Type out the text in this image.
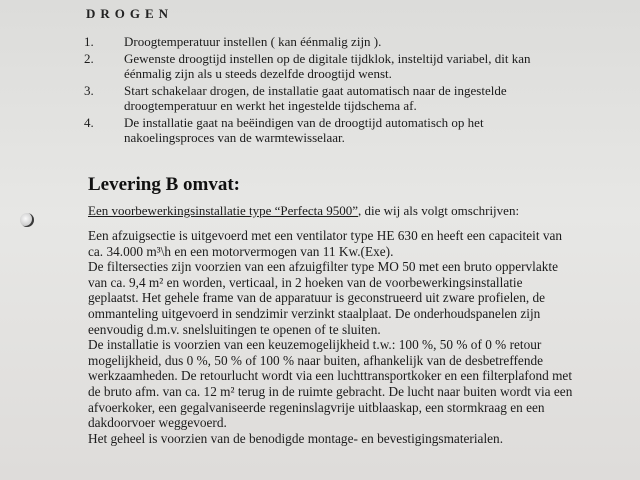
DROGEN
1. Droogtemperatuur instellen ( kan éénmalig zijn ).
2. Gewenste droogtijd instellen op de digitale tijdklok, insteltijd variabel, dit kan
éénmalig zijn als u steeds dezelfde droogtijd wenst.
3. Start schakelaar drogen, de installatie gaat automatisch naar de ingestelde
droogtemperatuur en werkt het ingestelde tijdschema af.
4. De installatie gaat na beëindigen van de droogtijd automatisch op het
nakoelingsproces van de warmtewisselaar.
Levering B omvat:
Een voorbewerkingsinstallatie type “Perfecta 9500”, die wij als volgt omschrijven:
Een afzuigsectie is uitgevoerd met een ventilator type HE 630 en heeft een capaciteit van
ca. 34.000 m³\h en een motorvermogen van 11 Kw.(Exe).
De filtersecties zijn voorzien van een afzuigfilter type MO 50 met een bruto oppervlakte
van ca. 9,4 m² en worden, verticaal, in 2 hoeken van de voorbewerkingsinstallatie
geplaatst. Het gehele frame van de apparatuur is geconstrueerd uit zware profielen, de
ommanteling uitgevoerd in sendzimir verzinkt staalplaat. De onderhoudspanelen zijn
eenvoudig d.m.v. snelsluitingen te openen of te sluiten.
De installatie is voorzien van een keuzemogelijkheid t.w.: 100 %, 50 % of 0 % retour
mogelijkheid, dus 0 %, 50 % of 100 % naar buiten, afhankelijk van de desbetreffende
werkzaamheden. De retourlucht wordt via een luchttransportkoker en een filterplafond met
de bruto afm. van ca. 12 m² terug in de ruimte gebracht. De lucht naar buiten wordt via een
afvoerkoker, een gegalvaniseerde regeninslagvrije uitblaaskap, een stormkraag en een
dakdoorvoer weggevoerd.
Het geheel is voorzien van de benodigde montage- en bevestigingsmaterialen.
